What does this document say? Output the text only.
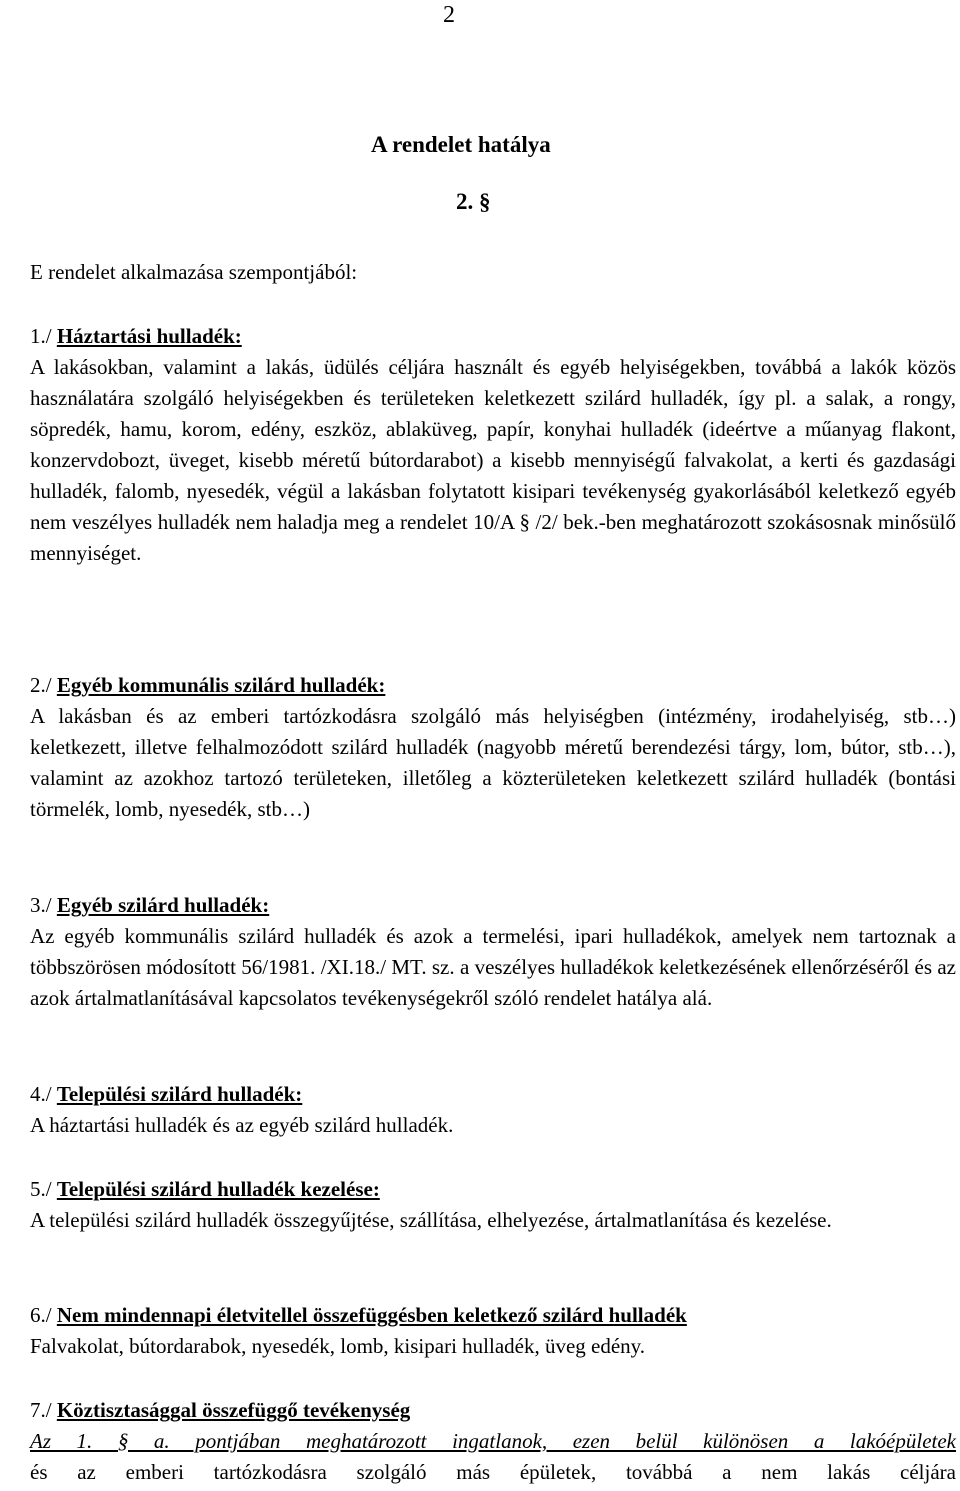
2
A rendelet hatálya
2. §
E rendelet alkalmazása szempontjából:

1./ Háztartási hulladék:

A lakásokban, valamint a lakás, üdülés céljára használt és egyéb helyiségekben, továbbá a lakók közös használatára szolgáló helyiségekben és területeken keletkezett szilárd hulladék, így pl. a salak, a rongy, söpredék, hamu, korom, edény, eszköz, ablaküveg, papír, konyhai hulladék (ideértve a műanyag flakont, konzervdobozt, üveget, kisebb méretű bútordarabot) a kisebb mennyiségű falvakolat, a kerti és gazdasági hulladék, falomb, nyesedék, végül a lakásban folytatott kisipari tevékenység gyakorlásából keletkező egyéb nem veszélyes hulladék nem haladja meg a rendelet 10/A § /2/ bek.-ben meghatározott szokásosnak minősülő mennyiséget.

2./ Egyéb kommunális szilárd hulladék:

A lakásban és az emberi tartózkodásra szolgáló más helyiségben (intézmény, irodahelyiség, stb…) keletkezett, illetve felhalmozódott szilárd hulladék (nagyobb méretű berendezési tárgy, lom, bútor, stb…), valamint az azokhoz tartozó területeken, illetőleg a közterületeken keletkezett szilárd hulladék (bontási törmelék, lomb, nyesedék, stb…)

3./ Egyéb szilárd hulladék:

Az egyéb kommunális szilárd hulladék és azok a termelési, ipari hulladékok, amelyek nem tartoznak a többszörösen módosított 56/1981. /XI.18./ MT. sz. a veszélyes hulladékok keletkezésének ellenőrzéséről és az azok ártalmatlanításával kapcsolatos tevékenységekről szóló rendelet hatálya alá.

4./ Települési szilárd hulladék:

A háztartási hulladék és az egyéb szilárd hulladék.

5./ Települési szilárd hulladék kezelése:

A települési szilárd hulladék összegyűjtése, szállítása, elhelyezése, ártalmatlanítása és kezelése.

6./ Nem mindennapi életvitellel összefüggésben keletkező szilárd hulladék

Falvakolat, bútordarabok, nyesedék, lomb, kisipari hulladék, üveg edény.

7./ Köztisztasággal összefüggő tevékenység

Az 1. § a. pontjában meghatározott ingatlanok, ezen belül különösen a lakóépületek

és az emberi tartózkodásra szolgáló más épületek, továbbá a nem lakás céljára
